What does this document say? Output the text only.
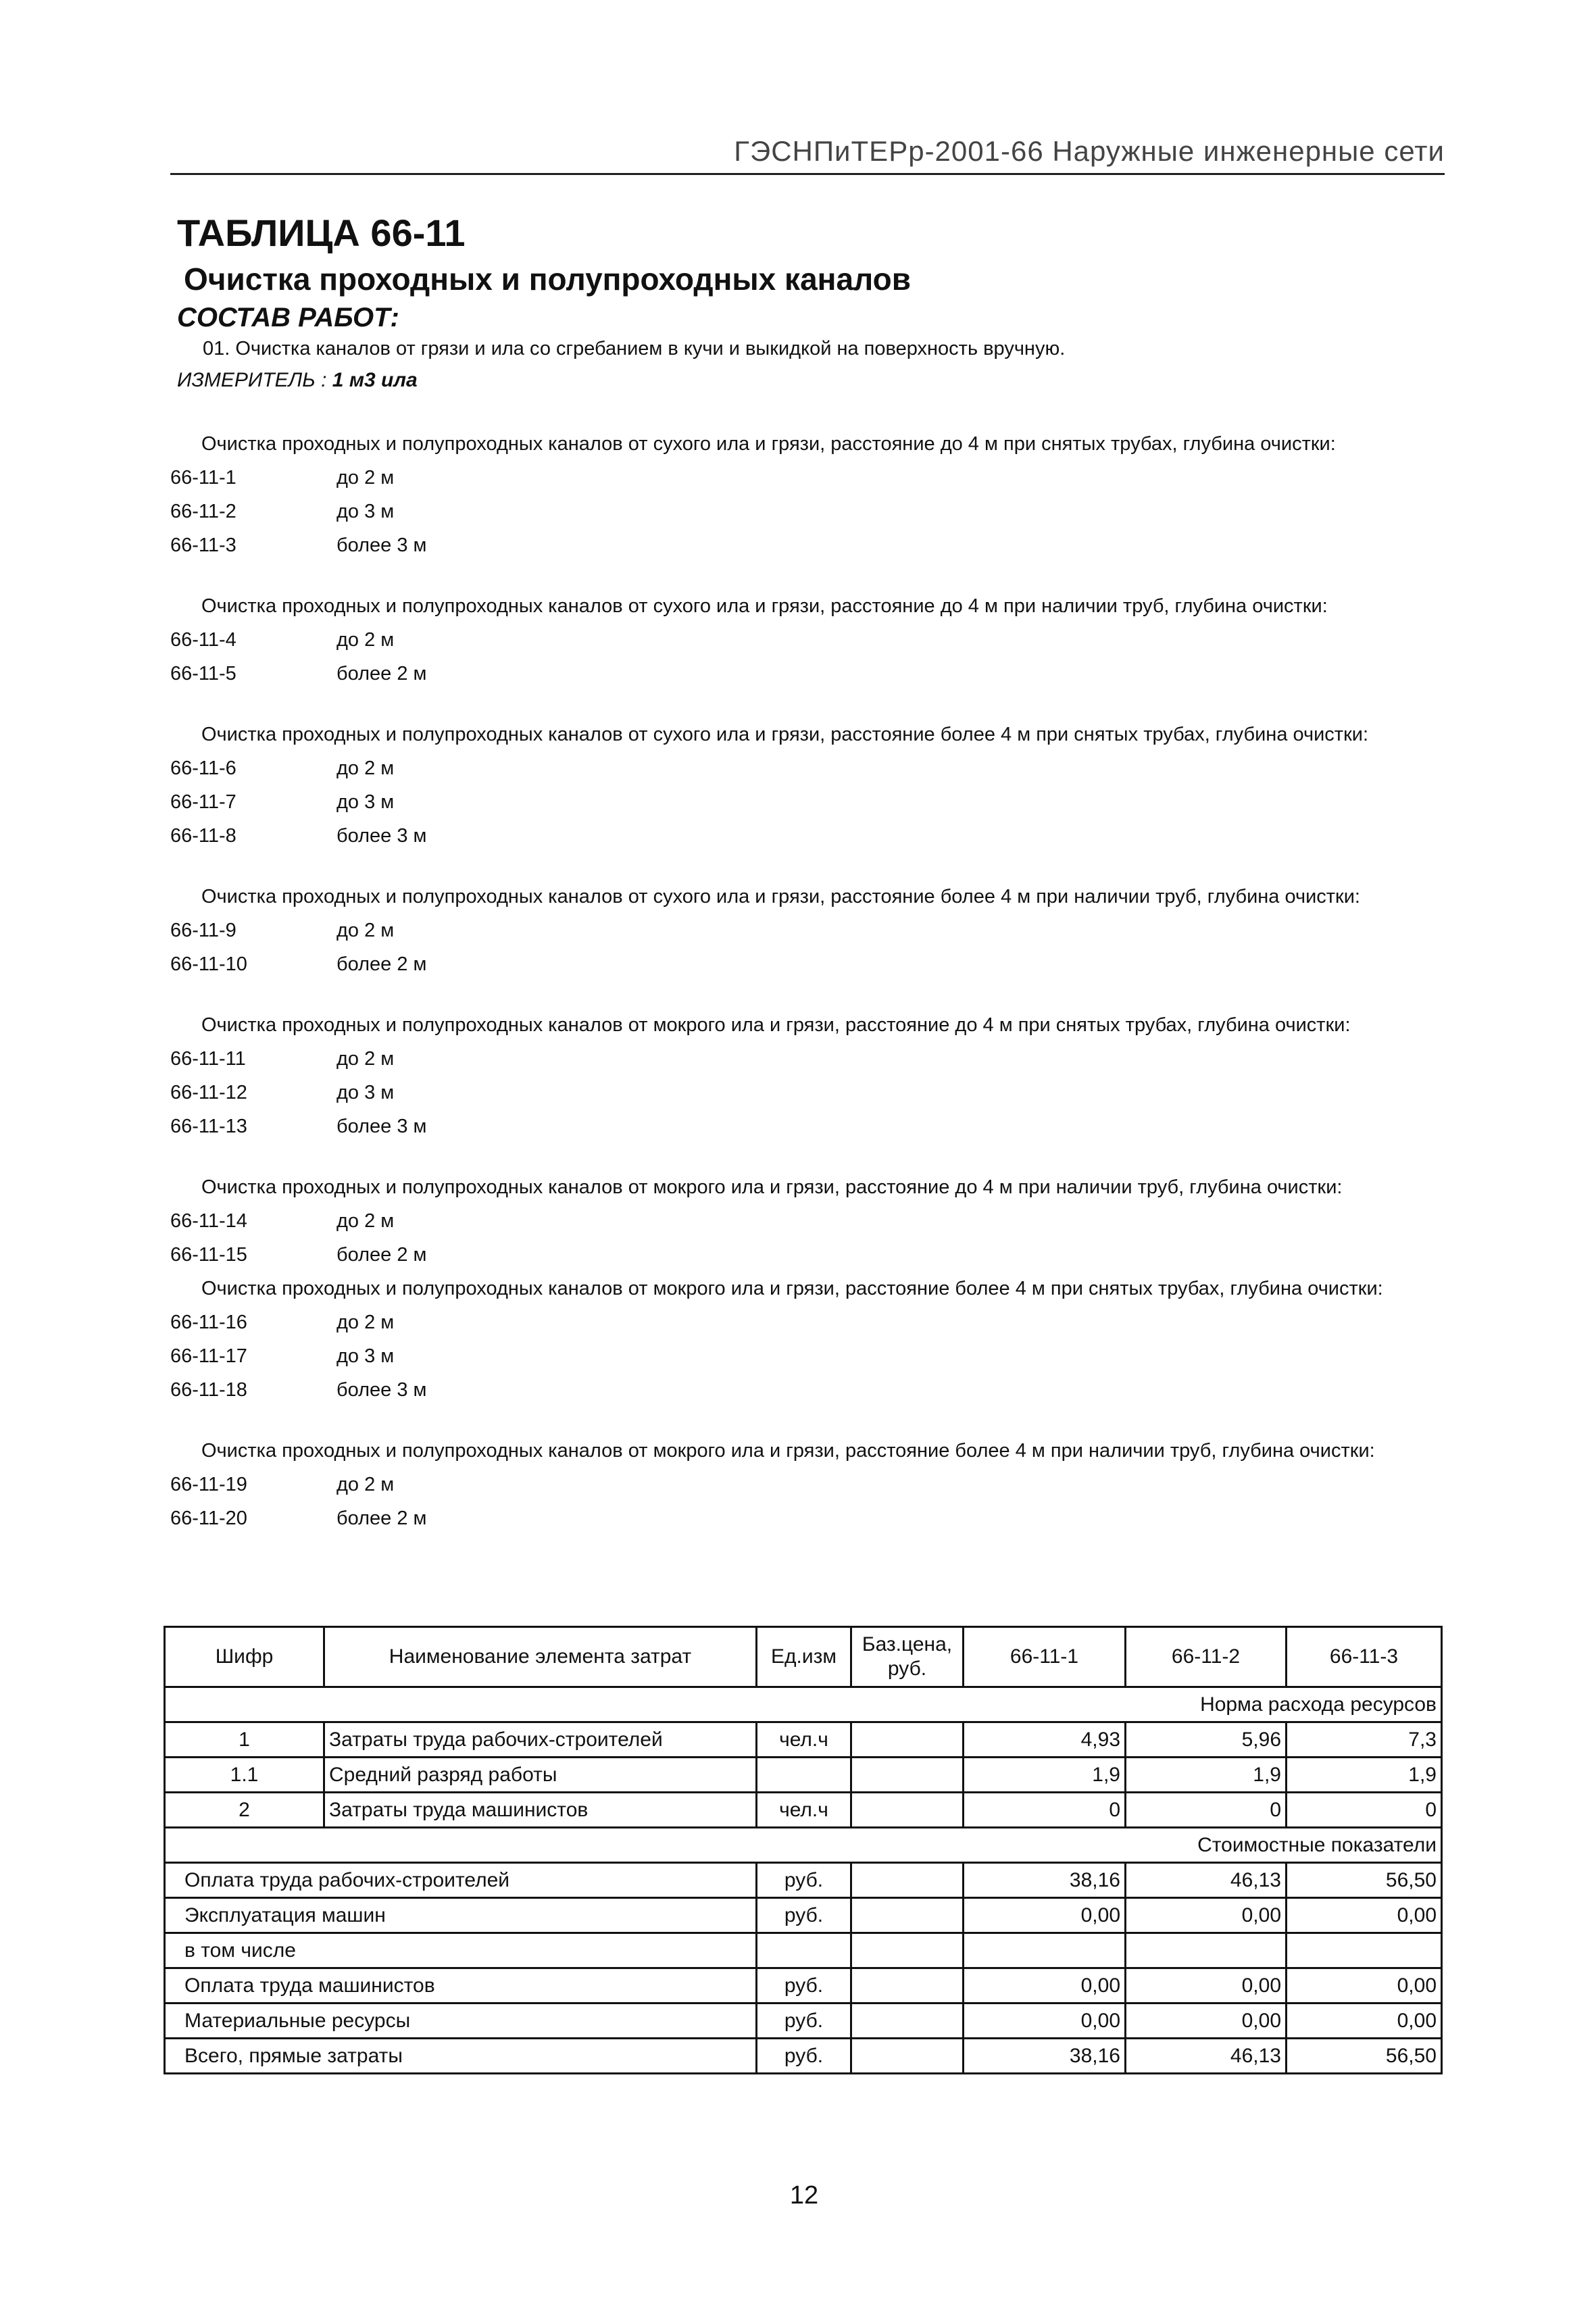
ГЭСНПиТЕРр-2001-66 Наружные инженерные сети
ТАБЛИЦА 66-11
Очистка проходных и полупроходных каналов
СОСТАВ РАБОТ:
01. Очистка каналов от грязи и ила со сгребанием в кучи и выкидкой на поверхность вручную.
ИЗМЕРИТЕЛЬ : 1 м3 ила
Очистка проходных и полупроходных каналов от сухого ила и грязи, расстояние до 4 м при снятых трубах, глубина очистки:
66-11-1	до 2 м
66-11-2	до 3 м
66-11-3	более 3 м
Очистка проходных и полупроходных каналов от сухого ила и грязи, расстояние до 4 м при наличии труб, глубина очистки:
66-11-4	до 2 м
66-11-5	более 2 м
Очистка проходных и полупроходных каналов от сухого ила и грязи, расстояние более 4 м при снятых трубах, глубина очистки:
66-11-6	до 2 м
66-11-7	до 3 м
66-11-8	более 3 м
Очистка проходных и полупроходных каналов от сухого ила и грязи, расстояние более 4 м при наличии труб, глубина очистки:
66-11-9	до 2 м
66-11-10	более 2 м
Очистка проходных и полупроходных каналов от мокрого ила и грязи, расстояние до 4 м при снятых трубах, глубина очистки:
66-11-11	до 2 м
66-11-12	до 3 м
66-11-13	более 3 м
Очистка проходных и полупроходных каналов от мокрого ила и грязи, расстояние до 4 м при наличии труб, глубина очистки:
66-11-14	до 2 м
66-11-15	более 2 м
Очистка проходных и полупроходных каналов от мокрого ила и грязи, расстояние более 4 м при снятых трубах, глубина очистки:
66-11-16	до 2 м
66-11-17	до 3 м
66-11-18	более 3 м
Очистка проходных и полупроходных каналов от мокрого ила и грязи, расстояние более 4 м при наличии труб, глубина очистки:
66-11-19	до 2 м
66-11-20	более 2 м
Шифр	Наименование элемента затрат	Ед.изм	Баз.цена, руб.	66-11-1	66-11-2	66-11-3
Норма расхода ресурсов						
1	Затраты труда рабочих-строителей	чел.ч		4,93	5,96	7,3
1.1	Средний разряд работы			1,9	1,9	1,9
2	Затраты труда машинистов	чел.ч		0	0	0
Стоимостные показатели						
Оплата труда рабочих-строителей		руб.		38,16	46,13	56,50
Эксплуатация машин		руб.		0,00	0,00	0,00
в том числе						
Оплата труда машинистов		руб.		0,00	0,00	0,00
Материальные ресурсы		руб.		0,00	0,00	0,00
Всего, прямые затраты		руб.		38,16	46,13	56,50
12
